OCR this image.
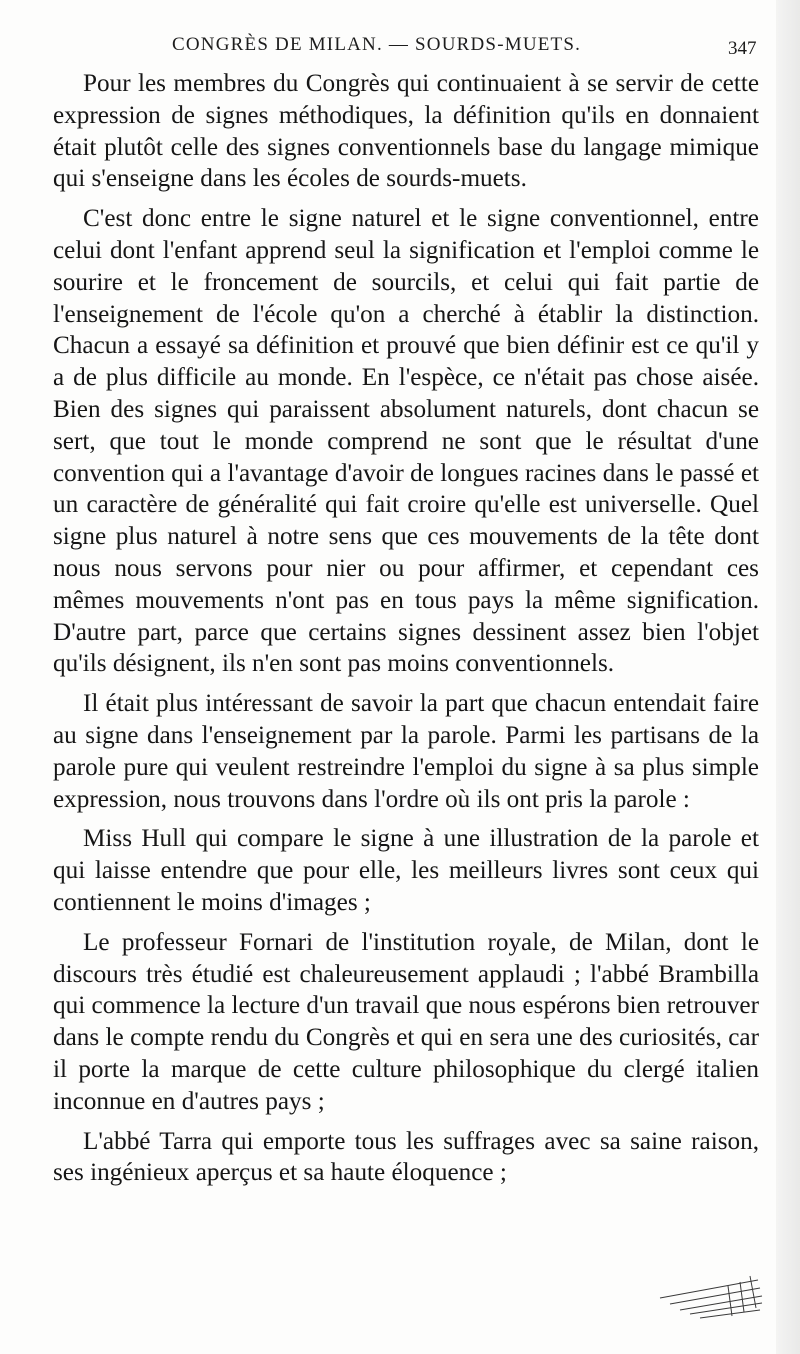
CONGRÈS DE MILAN. — SOURDS-MUETS.	347

Pour les membres du Congrès qui continuaient à se servir de cette expression de signes méthodiques, la définition qu'ils en donnaient était plutôt celle des signes conventionnels base du langage mimique qui s'enseigne dans les écoles de sourds-muets.

C'est donc entre le signe naturel et le signe conventionnel, entre celui dont l'enfant apprend seul la signification et l'emploi comme le sourire et le froncement de sourcils, et celui qui fait partie de l'enseignement de l'école qu'on a cherché à établir la distinction. Chacun a essayé sa définition et prouvé que bien définir est ce qu'il y a de plus difficile au monde. En l'espèce, ce n'était pas chose aisée. Bien des signes qui paraissent absolument naturels, dont chacun se sert, que tout le monde comprend ne sont que le résultat d'une convention qui a l'avantage d'avoir de longues racines dans le passé et un caractère de généralité qui fait croire qu'elle est universelle. Quel signe plus naturel à notre sens que ces mouvements de la tête dont nous nous servons pour nier ou pour affirmer, et cependant ces mêmes mouvements n'ont pas en tous pays la même signification. D'autre part, parce que certains signes dessinent assez bien l'objet qu'ils désignent, ils n'en sont pas moins conventionnels.

Il était plus intéressant de savoir la part que chacun entendait faire au signe dans l'enseignement par la parole. Parmi les partisans de la parole pure qui veulent restreindre l'emploi du signe à sa plus simple expression, nous trouvons dans l'ordre où ils ont pris la parole :

Miss Hull qui compare le signe à une illustration de la parole et qui laisse entendre que pour elle, les meilleurs livres sont ceux qui contiennent le moins d'images ;

Le professeur Fornari de l'institution royale, de Milan, dont le discours très étudié est chaleureusement applaudi ; l'abbé Brambilla qui commence la lecture d'un travail que nous espérons bien retrouver dans le compte rendu du Congrès et qui en sera une des curiosités, car il porte la marque de cette culture philosophique du clergé italien inconnue en d'autres pays ;

L'abbé Tarra qui emporte tous les suffrages avec sa saine raison, ses ingénieux aperçus et sa haute éloquence ;
